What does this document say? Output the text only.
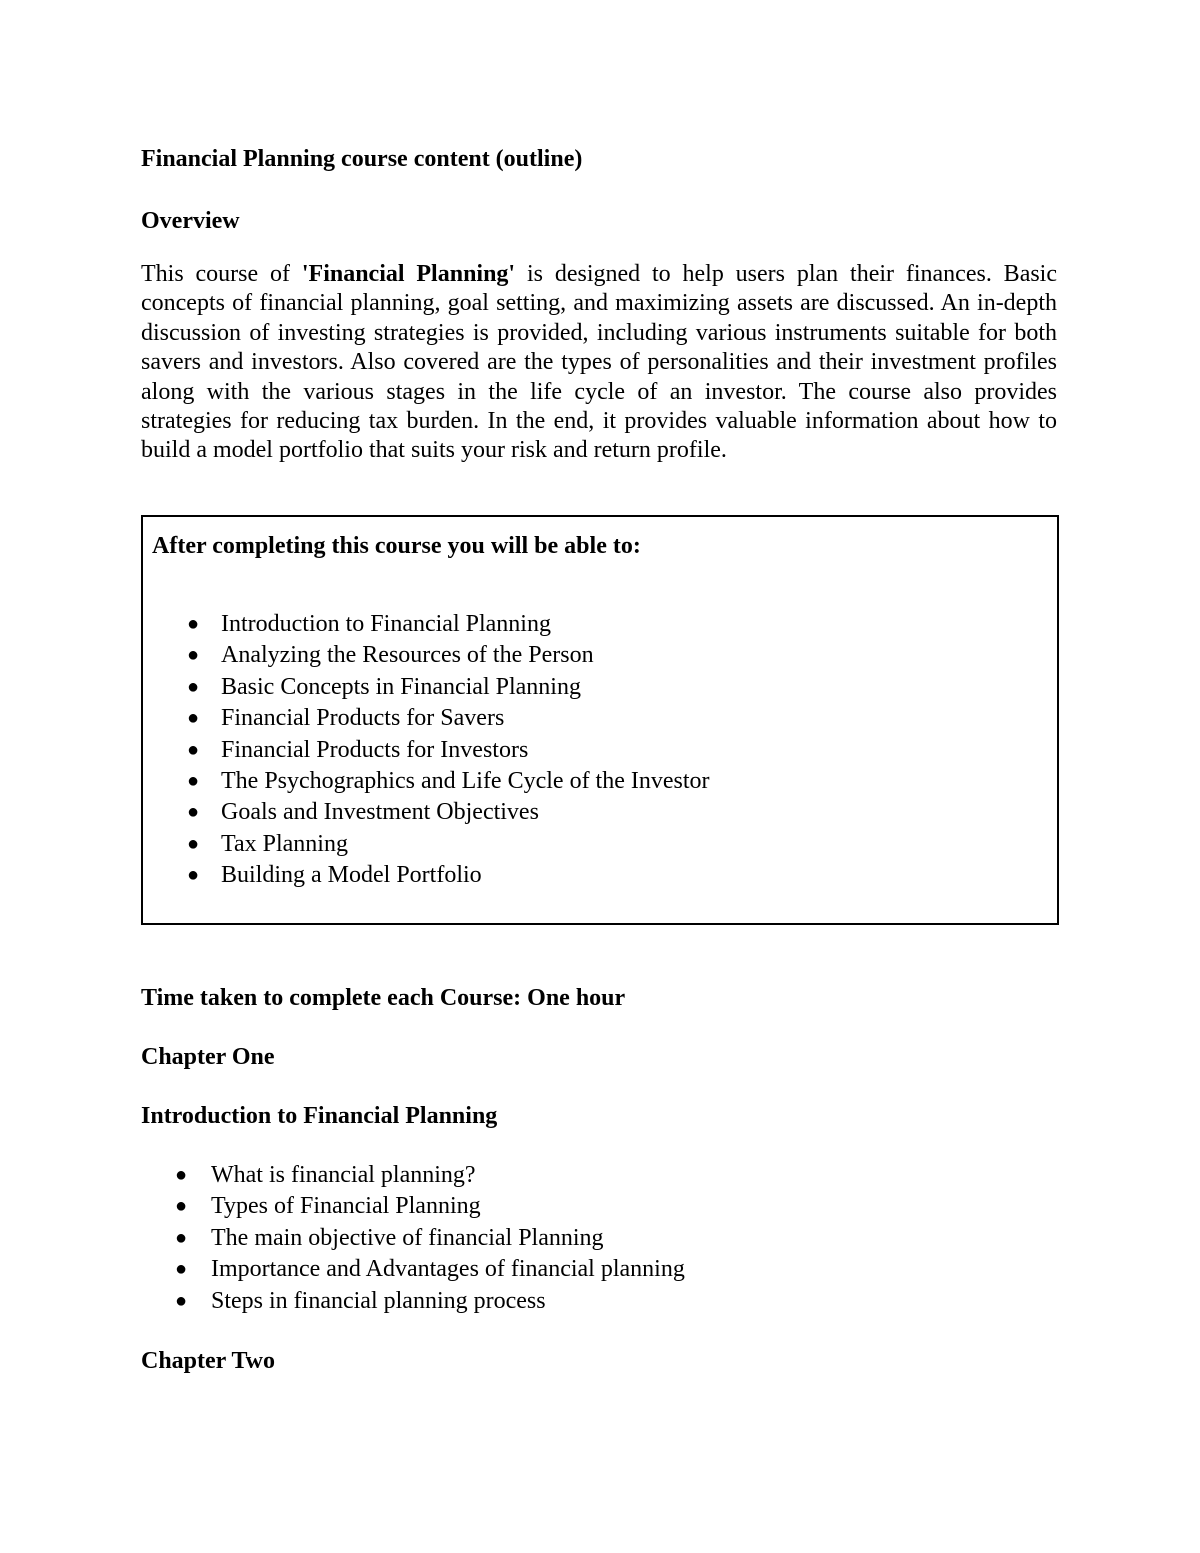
Financial Planning course content (outline)
Overview

This course of 'Financial Planning' is designed to help users plan their finances. Basic concepts of financial planning, goal setting, and maximizing assets are discussed. An in-depth discussion of investing strategies is provided, including various instruments suitable for both savers and investors. Also covered are the types of personalities and their investment profiles along with the various stages in the life cycle of an investor. The course also provides strategies for reducing tax burden. In the end, it provides valuable information about how to build a model portfolio that suits your risk and return profile.

After completing this course you will be able to:
● Introduction to Financial Planning
● Analyzing the Resources of the Person
● Basic Concepts in Financial Planning
● Financial Products for Savers
● Financial Products for Investors
● The Psychographics and Life Cycle of the Investor
● Goals and Investment Objectives
● Tax Planning
● Building a Model Portfolio
Time taken to complete each Course: One hour
Chapter One
Introduction to Financial Planning
● What is financial planning?
● Types of Financial Planning
● The main objective of financial Planning
● Importance and Advantages of financial planning
● Steps in financial planning process
Chapter Two
